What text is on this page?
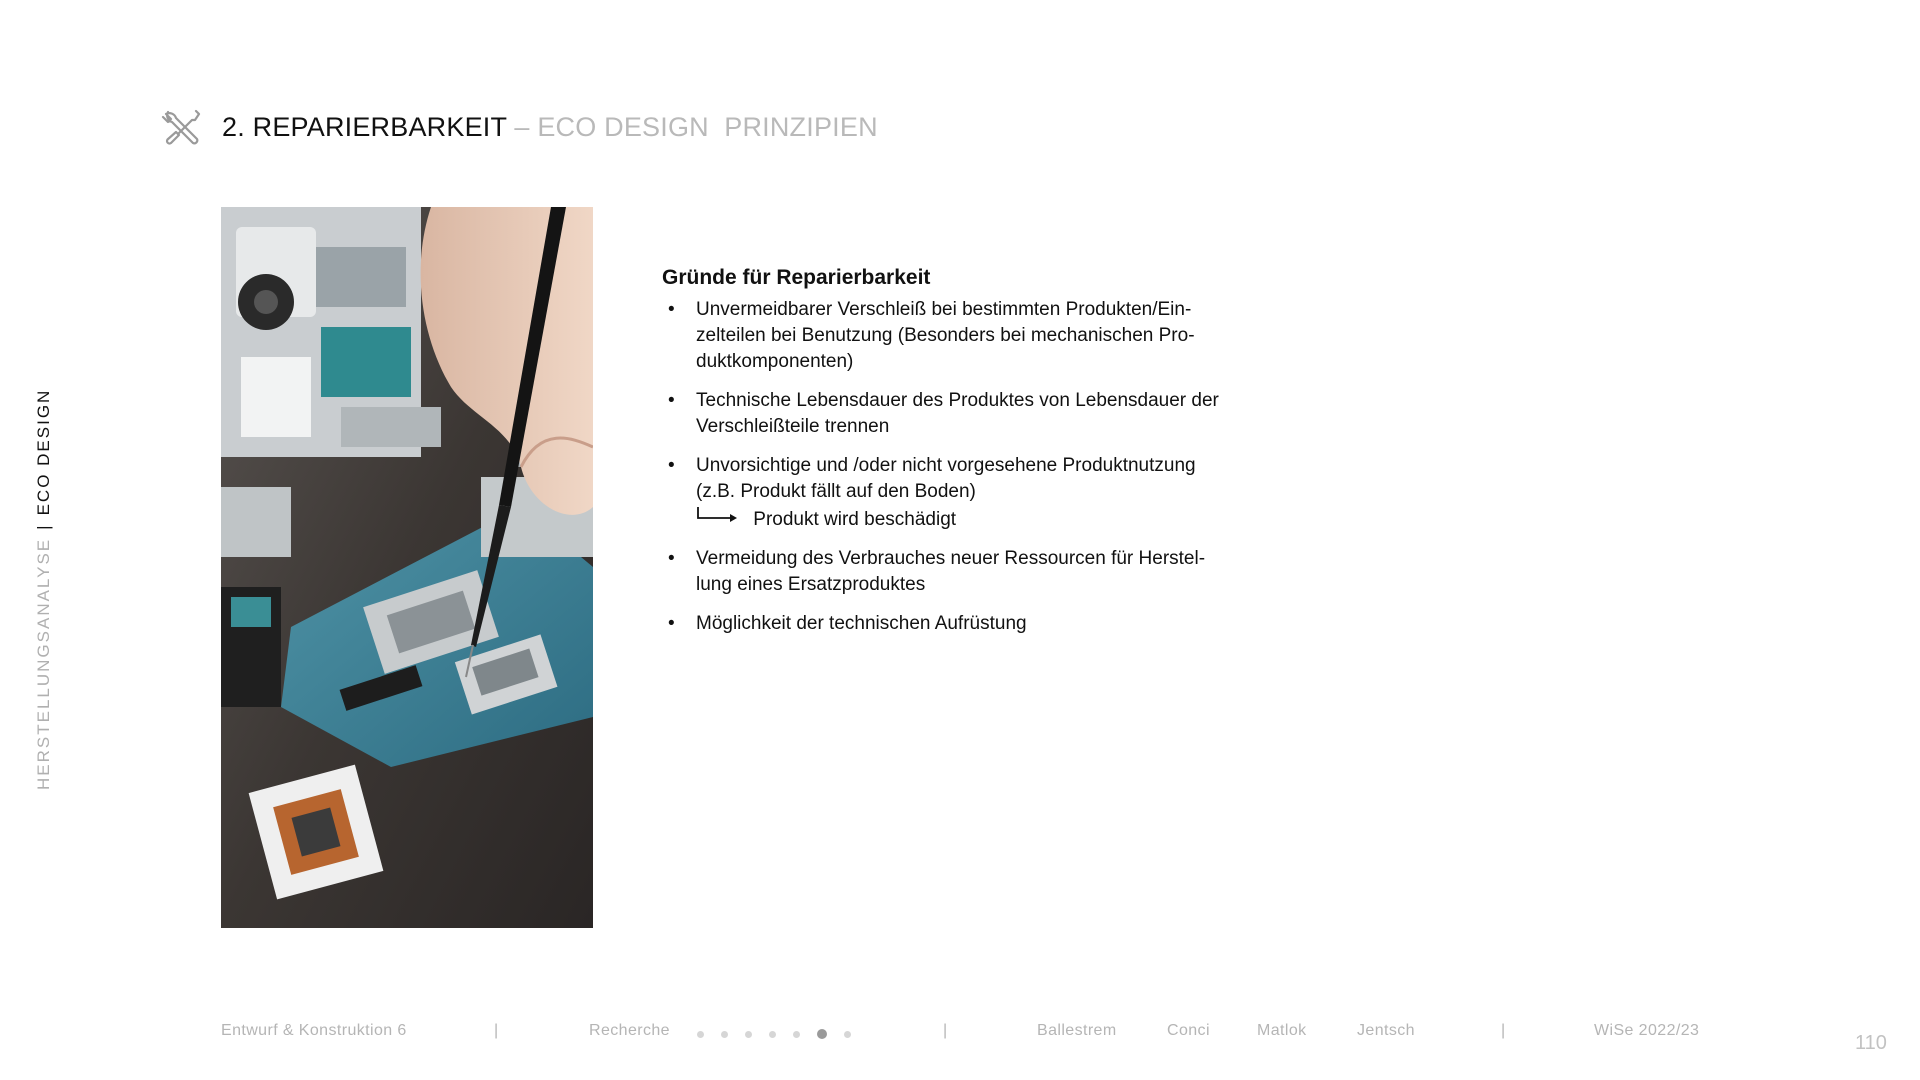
2. REPARIERBARKEIT – ECO DESIGN  PRINZIPIEN
HERSTELLUNGSANALYSE|ECO DESIGN
Gründe für Reparierbarkeit
• Unvermeidbarer Verschleiß bei bestimmten Produkten/Ein-
zelteilen bei Benutzung (Besonders bei mechanischen Pro-
duktkomponenten)
• Technische Lebensdauer des Produktes von Lebensdauer der
Verschleißteile trennen
• Unvorsichtige und /oder nicht vorgesehene Produktnutzung
(z.B. Produkt fällt auf den Boden)
Produkt wird beschädigt
• Vermeidung des Verbrauches neuer Ressourcen für Herstel-
lung eines Ersatzproduktes
• Möglichkeit der technischen Aufrüstung
Entwurf & Konstruktion 6	|	Recherche	|	Ballestrem	Conci	Matlok	Jentsch	|	WiSe 2022/23
110
